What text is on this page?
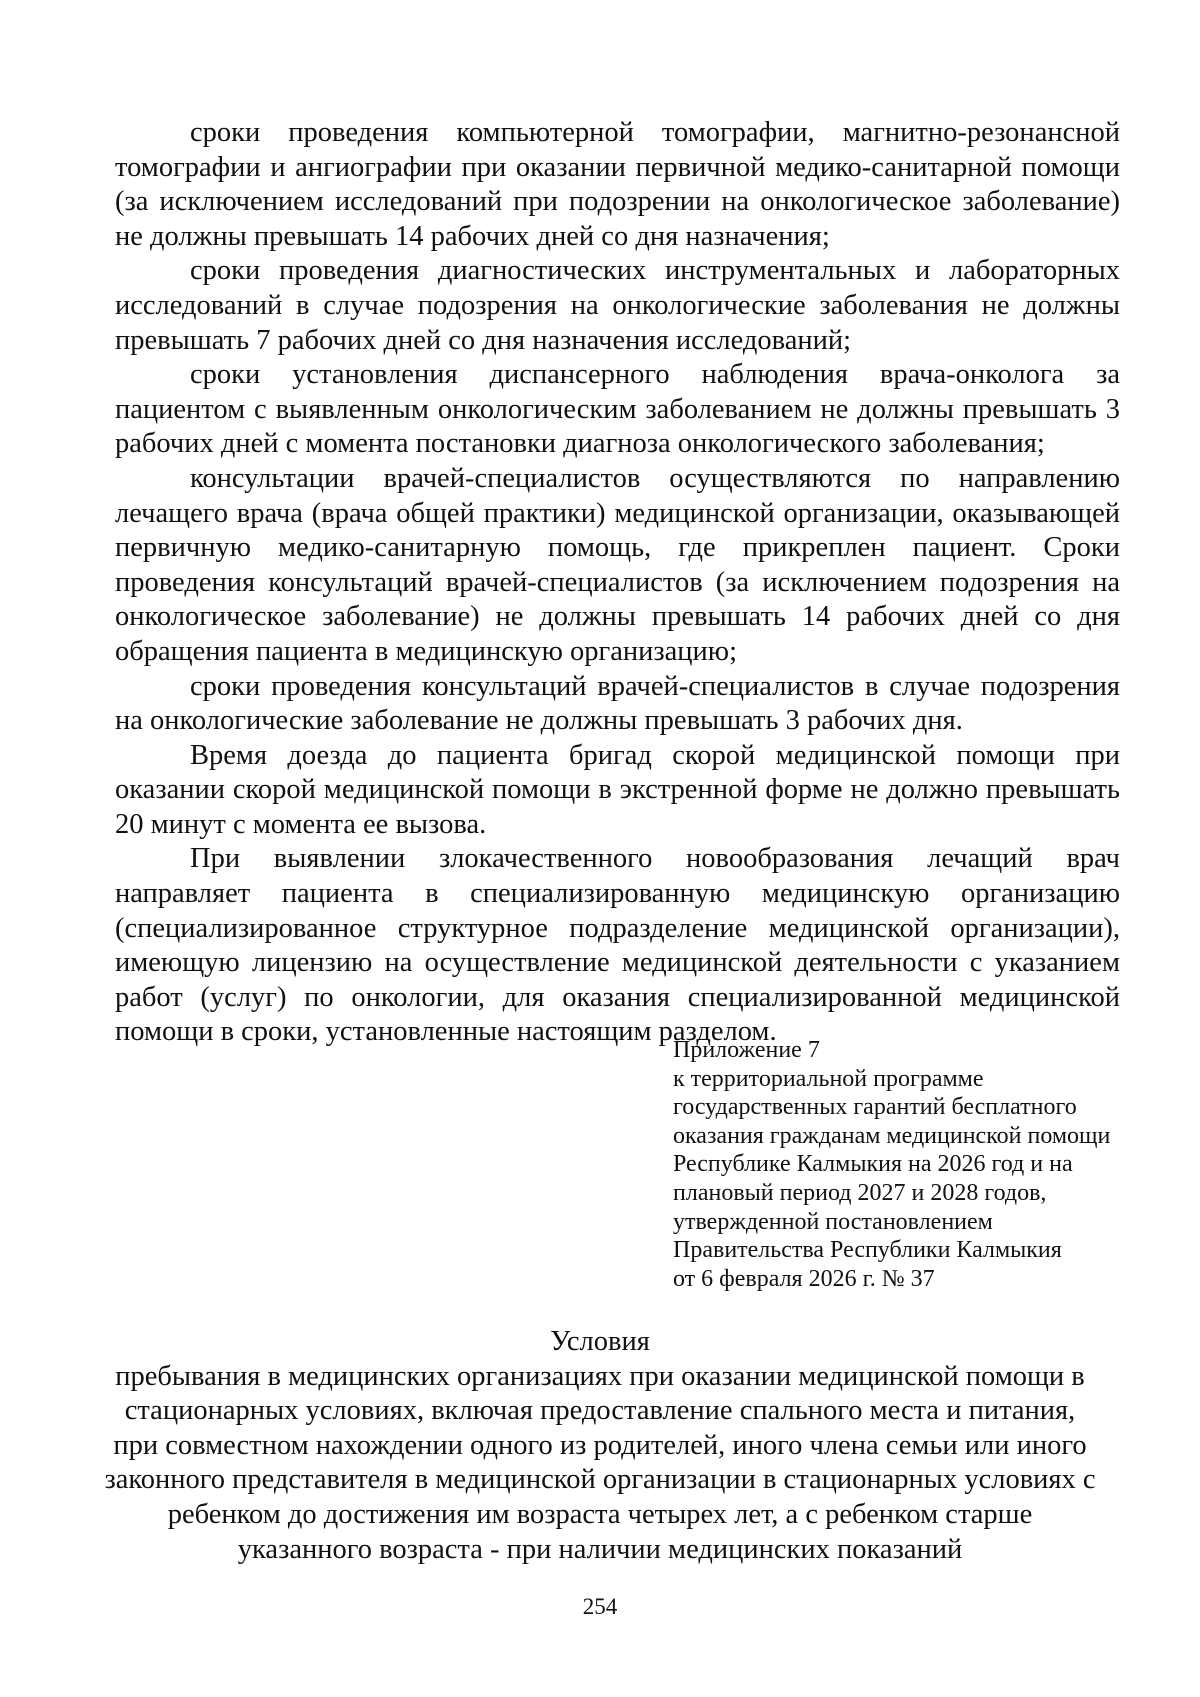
сроки проведения компьютерной томографии, магнитно-резонансной томографии и ангиографии при оказании первичной медико-санитарной помощи (за исключением исследований при подозрении на онкологическое заболевание) не должны превышать 14 рабочих дней со дня назначения;

сроки проведения диагностических инструментальных и лабораторных исследований в случае подозрения на онкологические заболевания не должны превышать 7 рабочих дней со дня назначения исследований;

сроки установления диспансерного наблюдения врача-онколога за пациентом с выявленным онкологическим заболеванием не должны превышать 3 рабочих дней с момента постановки диагноза онкологического заболевания;

консультации врачей-специалистов осуществляются по направлению лечащего врача (врача общей практики) медицинской организации, оказывающей первичную медико-санитарную помощь, где прикреплен пациент. Сроки проведения консультаций врачей-специалистов (за исключением подозрения на онкологическое заболевание) не должны превышать 14 рабочих дней со дня обращения пациента в медицинскую организацию;

сроки проведения консультаций врачей-специалистов в случае подозрения на онкологические заболевание не должны превышать 3 рабочих дня.

Время доезда до пациента бригад скорой медицинской помощи при оказании скорой медицинской помощи в экстренной форме не должно превышать 20 минут с момента ее вызова.

При выявлении злокачественного новообразования лечащий врач направляет пациента в специализированную медицинскую организацию (специализированное структурное подразделение медицинской организации), имеющую лицензию на осуществление медицинской деятельности с указанием работ (услуг) по онкологии, для оказания специализированной медицинской помощи в сроки, установленные настоящим разделом.

Приложение 7
к территориальной программе
государственных гарантий бесплатного
оказания гражданам медицинской помощи
Республике Калмыкия на 2026 год и на
плановый период 2027 и 2028 годов,
утвержденной постановлением
Правительства Республики Калмыкия
от 6 февраля 2026 г. № 37
Условия
пребывания в медицинских организациях при оказании медицинской помощи в стационарных условиях, включая предоставление спального места и питания, при совместном нахождении одного из родителей, иного члена семьи или иного законного представителя в медицинской организации в стационарных условиях с ребенком до достижения им возраста четырех лет, а с ребенком старше указанного возраста - при наличии медицинских показаний
254
